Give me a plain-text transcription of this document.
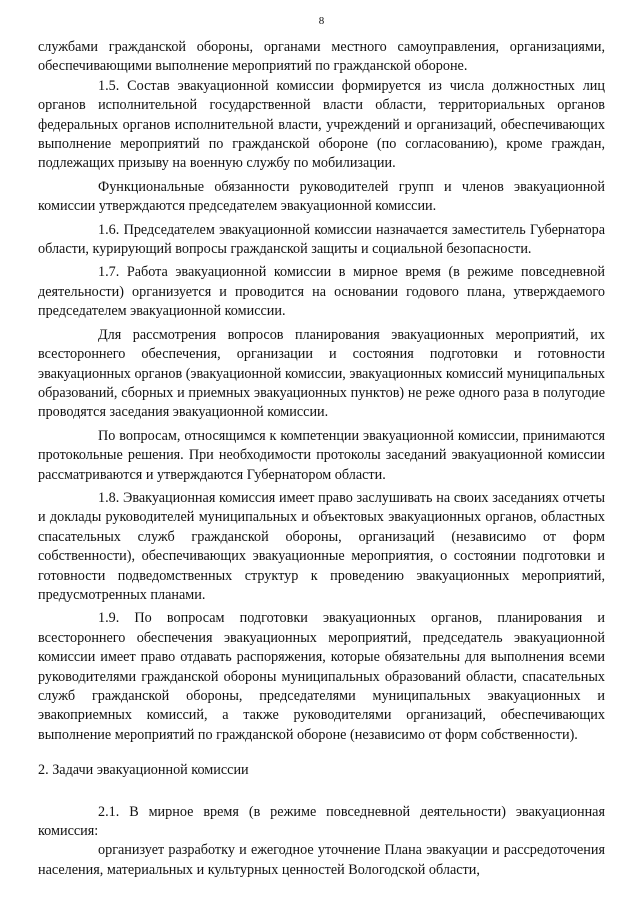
8

службами гражданской обороны, органами местного самоуправления, организациями, обеспечивающими выполнение мероприятий по гражданской обороне.

1.5. Состав эвакуационной комиссии формируется из числа должностных лиц органов исполнительной государственной власти области, территориальных органов федеральных органов исполнительной власти, учреждений и организаций, обеспечивающих выполнение мероприятий по гражданской обороне (по согласованию), кроме граждан, подлежащих призыву на военную службу по мобилизации.

Функциональные обязанности руководителей групп и членов эвакуационной комиссии утверждаются председателем эвакуационной комиссии.

1.6. Председателем эвакуационной комиссии назначается заместитель Губернатора области, курирующий вопросы гражданской защиты и социальной безопасности.

1.7. Работа эвакуационной комиссии в мирное время (в режиме повседневной деятельности) организуется и проводится на основании годового плана, утверждаемого председателем эвакуационной комиссии.

Для рассмотрения вопросов планирования эвакуационных мероприятий, их всестороннего обеспечения, организации и состояния подготовки и готовности эвакуационных органов (эвакуационной комиссии, эвакуационных комиссий муниципальных образований, сборных и приемных эвакуационных пунктов) не реже одного раза в полугодие проводятся заседания эвакуационной комиссии.

По вопросам, относящимся к компетенции эвакуационной комиссии, принимаются протокольные решения. При необходимости протоколы заседаний эвакуационной комиссии рассматриваются и утверждаются Губернатором области.

1.8. Эвакуационная комиссия имеет право заслушивать на своих заседаниях отчеты и доклады руководителей муниципальных и объектовых эвакуационных органов, областных спасательных служб гражданской обороны, организаций (независимо от форм собственности), обеспечивающих эвакуационные мероприятия, о состоянии подготовки и готовности подведомственных структур к проведению эвакуационных мероприятий, предусмотренных планами.

1.9. По вопросам подготовки эвакуационных органов, планирования и всестороннего обеспечения эвакуационных мероприятий, председатель эвакуационной комиссии имеет право отдавать распоряжения, которые обязательны для выполнения всеми руководителями гражданской обороны муниципальных образований области, спасательных служб гражданской обороны, председателями муниципальных эвакуационных и эвакоприемных комиссий, а также руководителями организаций, обеспечивающих выполнение мероприятий по гражданской обороне (независимо от форм собственности).

2. Задачи эвакуационной комиссии

2.1. В мирное время (в режиме повседневной деятельности) эвакуационная комиссия:

организует разработку и ежегодное уточнение Плана эвакуации и рассредоточения населения, материальных и культурных ценностей Вологодской области,
